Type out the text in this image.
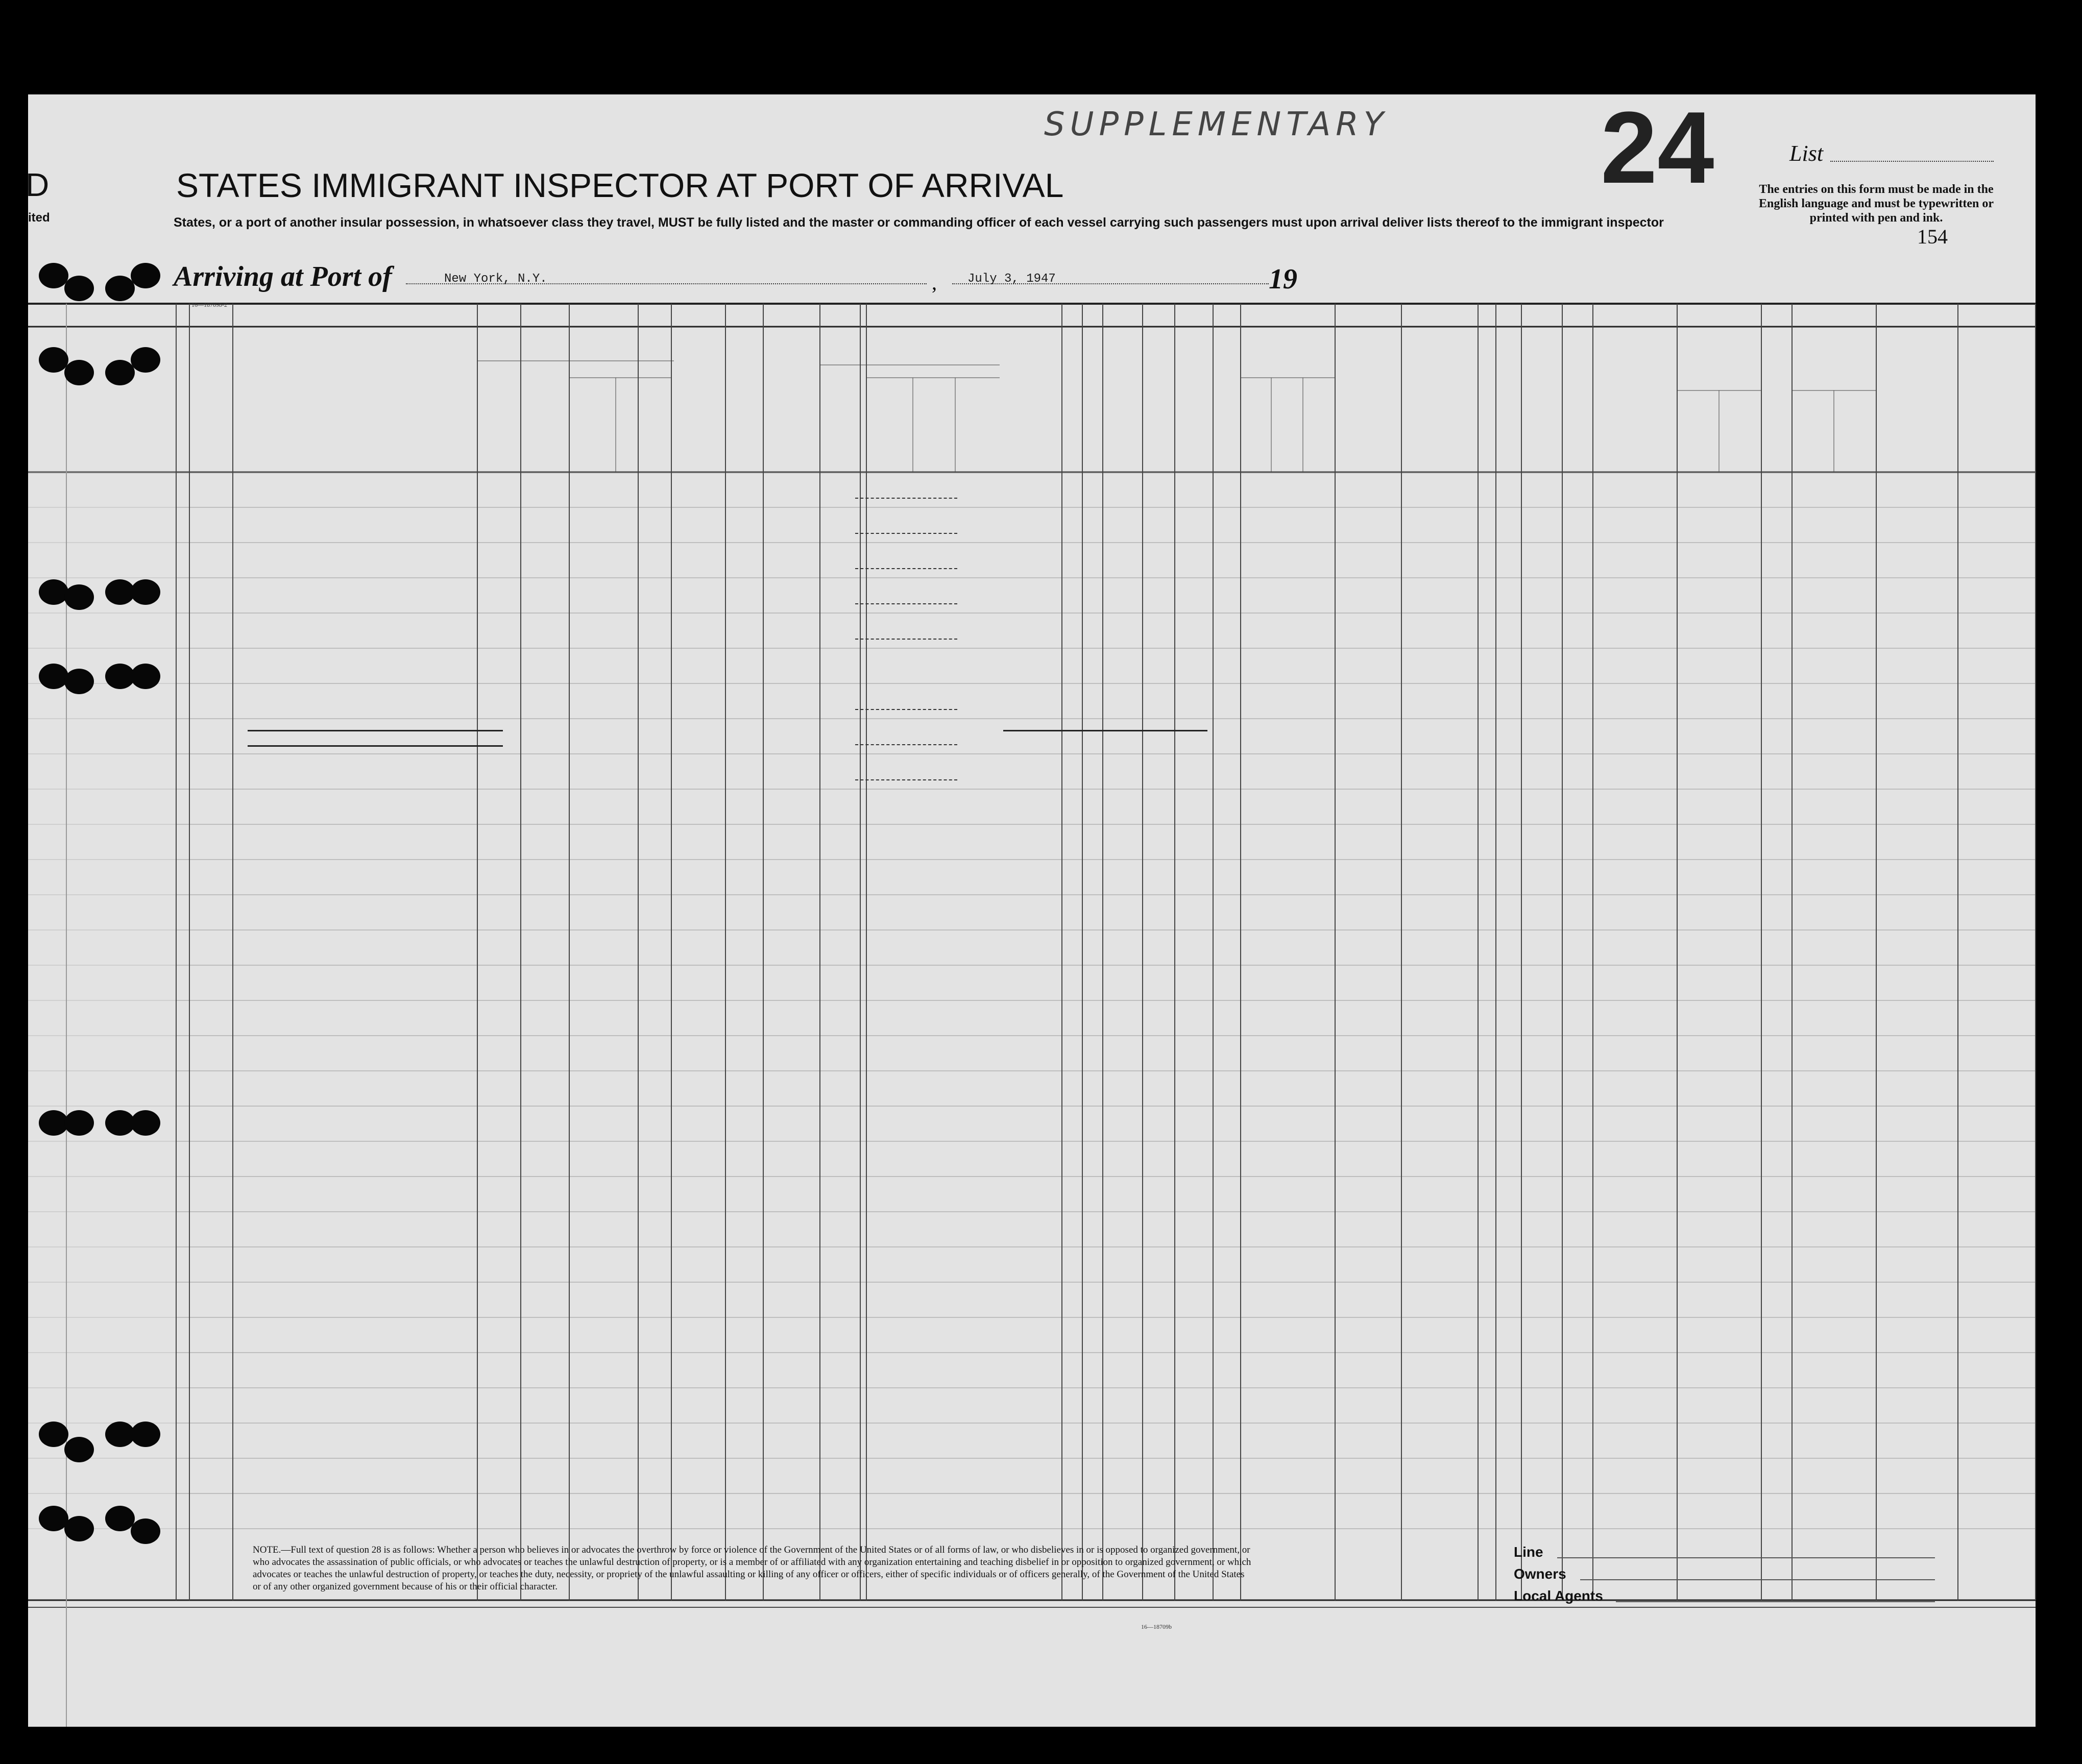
D
ited
SUPPLEMENTARY 24	List
STATES IMMIGRANT INSPECTOR AT PORT OF ARRIVAL
States, or a port of another insular possession, in whatsoever class they travel, MUST be fully listed and the master or commanding officer of each vessel carrying such passengers must upon arrival deliver lists thereof to the immigrant inspector
The entries on this form must be made in the English language and must be typewritten or printed with pen and ink.
154
Arriving at Port of	New York, N.Y.	,	July 3, 1947	19
16—18709b-2
NOTE.—Full text of question 28 is as follows: Whether a person who believes in or advocates the overthrow by force or violence of the Government of the United States or of all forms of law, or who disbelieves in or is opposed to organized government, or who advocates the assassination of public officials, or who advocates or teaches the unlawful destruction of property, or is a member of or affiliated with any organization entertaining and teaching disbelief in or opposition to organized government, or which advocates or teaches the unlawful destruction of property, or teaches the duty, necessity, or propriety of the unlawful assaulting or killing of any officer or officers, either of specific individuals or of officers generally, of the Government of the United States or of any other organized government because of his or their official character.
16—18709b
Line
Owners
Local Agents
